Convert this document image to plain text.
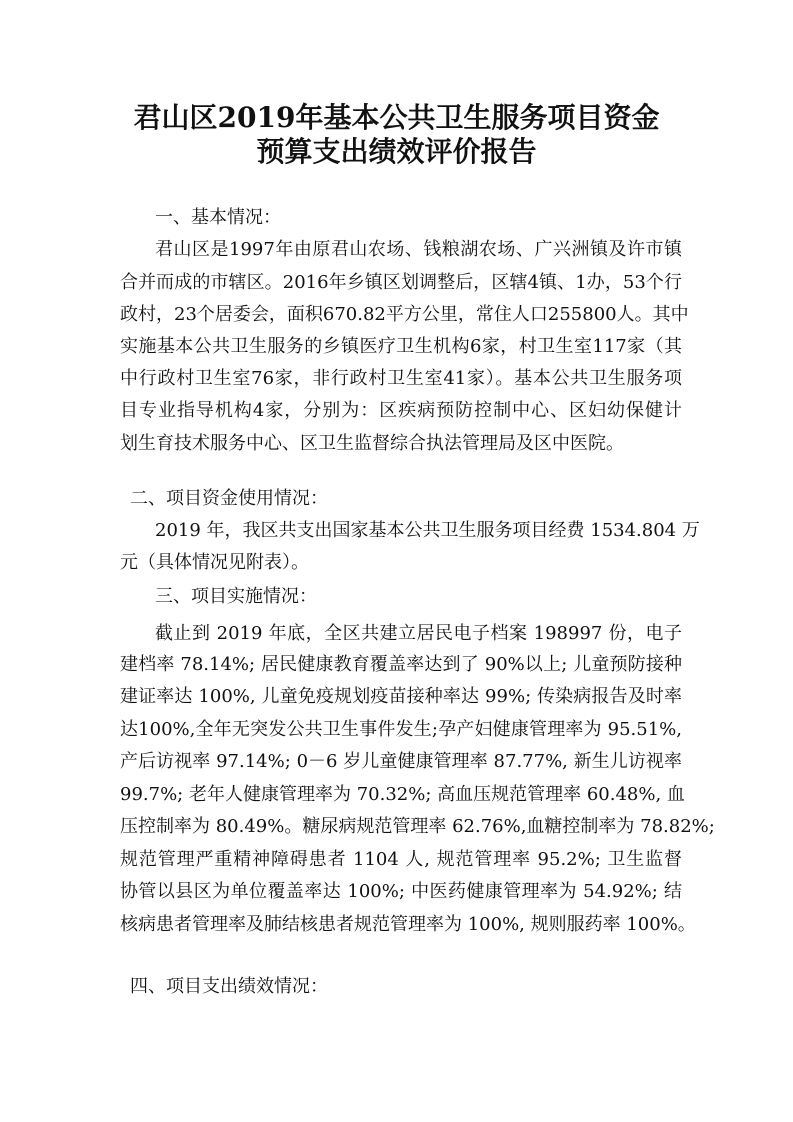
君山区2019年基本公共卫生服务项目资金
预算支出绩效评价报告
一、基本情况：
君山区是1997年由原君山农场、钱粮湖农场、广兴洲镇及许市镇
合并而成的市辖区。2016年乡镇区划调整后，区辖4镇、1办，53个行
政村，23个居委会，面积670.82平方公里，常住人口255800人。其中
实施基本公共卫生服务的乡镇医疗卫生机构6家，村卫生室117家（其
中行政村卫生室76家，非行政村卫生室41家）。基本公共卫生服务项
目专业指导机构4家，分别为：区疾病预防控制中心、区妇幼保健计
划生育技术服务中心、区卫生监督综合执法管理局及区中医院。
二、项目资金使用情况：
2019 年，我区共支出国家基本公共卫生服务项目经费 1534.804 万
元（具体情况见附表）。
三、项目实施情况：
截止到 2019 年底，全区共建立居民电子档案 198997 份，电子
建档率 78.14%; 居民健康教育覆盖率达到了 90%以上; 儿童预防接种
建证率达 100%, 儿童免疫规划疫苗接种率达 99%; 传染病报告及时率
达100%,全年无突发公共卫生事件发生;孕产妇健康管理率为 95.51%,
产后访视率 97.14%; 0－6 岁儿童健康管理率 87.77%, 新生儿访视率
99.7%; 老年人健康管理率为 70.32%; 高血压规范管理率 60.48%, 血
压控制率为 80.49%。糖尿病规范管理率 62.76%,血糖控制率为 78.82%;
规范管理严重精神障碍患者 1104 人, 规范管理率 95.2%; 卫生监督
协管以县区为单位覆盖率达 100%; 中医药健康管理率为 54.92%; 结
核病患者管理率及肺结核患者规范管理率为 100%, 规则服药率 100%。
四、项目支出绩效情况：
